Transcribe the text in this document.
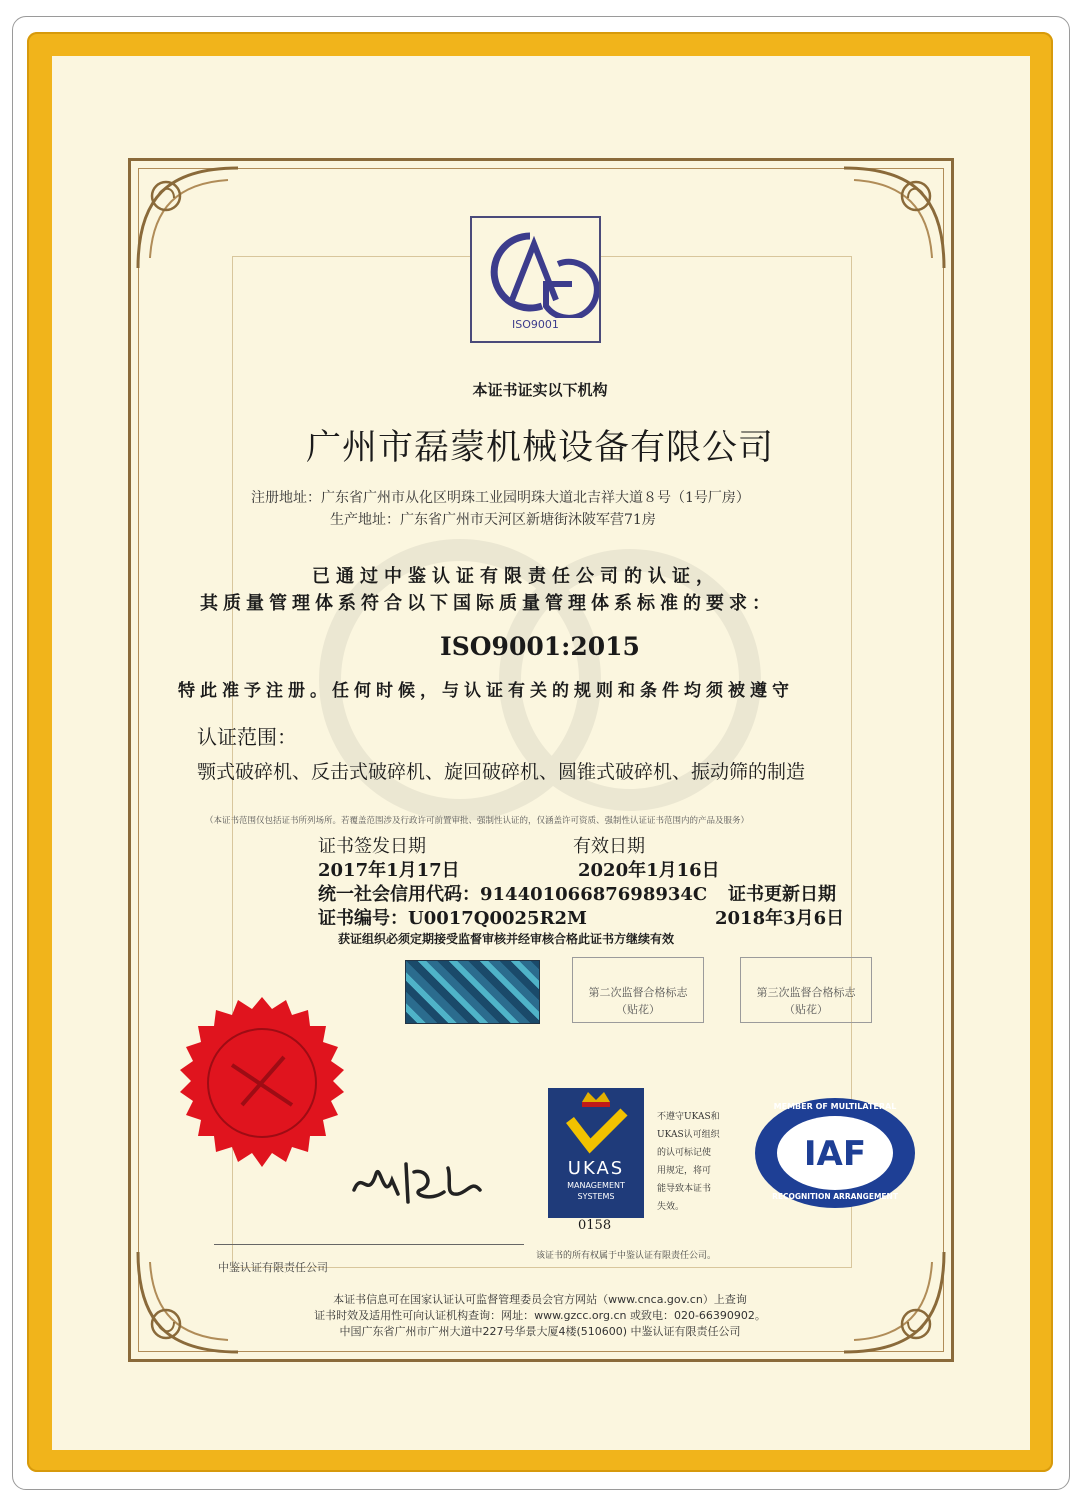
ISO9001
本证书证实以下机构
广州市磊蒙机械设备有限公司
注册地址：广东省广州市从化区明珠工业园明珠大道北吉祥大道８号（1号厂房）
生产地址：广东省广州市天河区新塘街沐陂军营71房
已通过中鉴认证有限责任公司的认证，
其质量管理体系符合以下国际质量管理体系标准的要求：
ISO9001:2015
特此准予注册。任何时候，与认证有关的规则和条件均须被遵守
认证范围：
颚式破碎机、反击式破碎机、旋回破碎机、圆锥式破碎机、振动筛的制造
（本证书范围仅包括证书所列场所。若覆盖范围涉及行政许可前置审批、强制性认证的，仅涵盖许可资质、强制性认证证书范围内的产品及服务）
证书签发日期	有效日期
2017年1月17日	2020年1月16日
统一社会信用代码：91440106687698934C 证书更新日期
证书编号：U0017Q0025R2M	2018年3月6日
获证组织必须定期接受监督审核并经审核合格此证书方继续有效
第二次监督合格标志
（贴花）
第三次监督合格标志
（贴花）
中鉴认证有限责任公司
该证书的所有权属于中鉴认证有限责任公司。
UKAS
MANAGEMENT
SYSTEMS
0158
不遵守UKAS和
UKAS认可组织
的认可标记使
用规定，将可
能导致本证书
失效。
MEMBER OF MULTILATERAL
IAF
RECOGNITION ARRANGEMENT
本证书信息可在国家认证认可监督管理委员会官方网站（www.cnca.gov.cn）上查询
证书时效及适用性可向认证机构查询：网址：www.gzcc.org.cn 或致电：020-66390902。
中国广东省广州市广州大道中227号华景大厦4楼(510600) 中鉴认证有限责任公司
